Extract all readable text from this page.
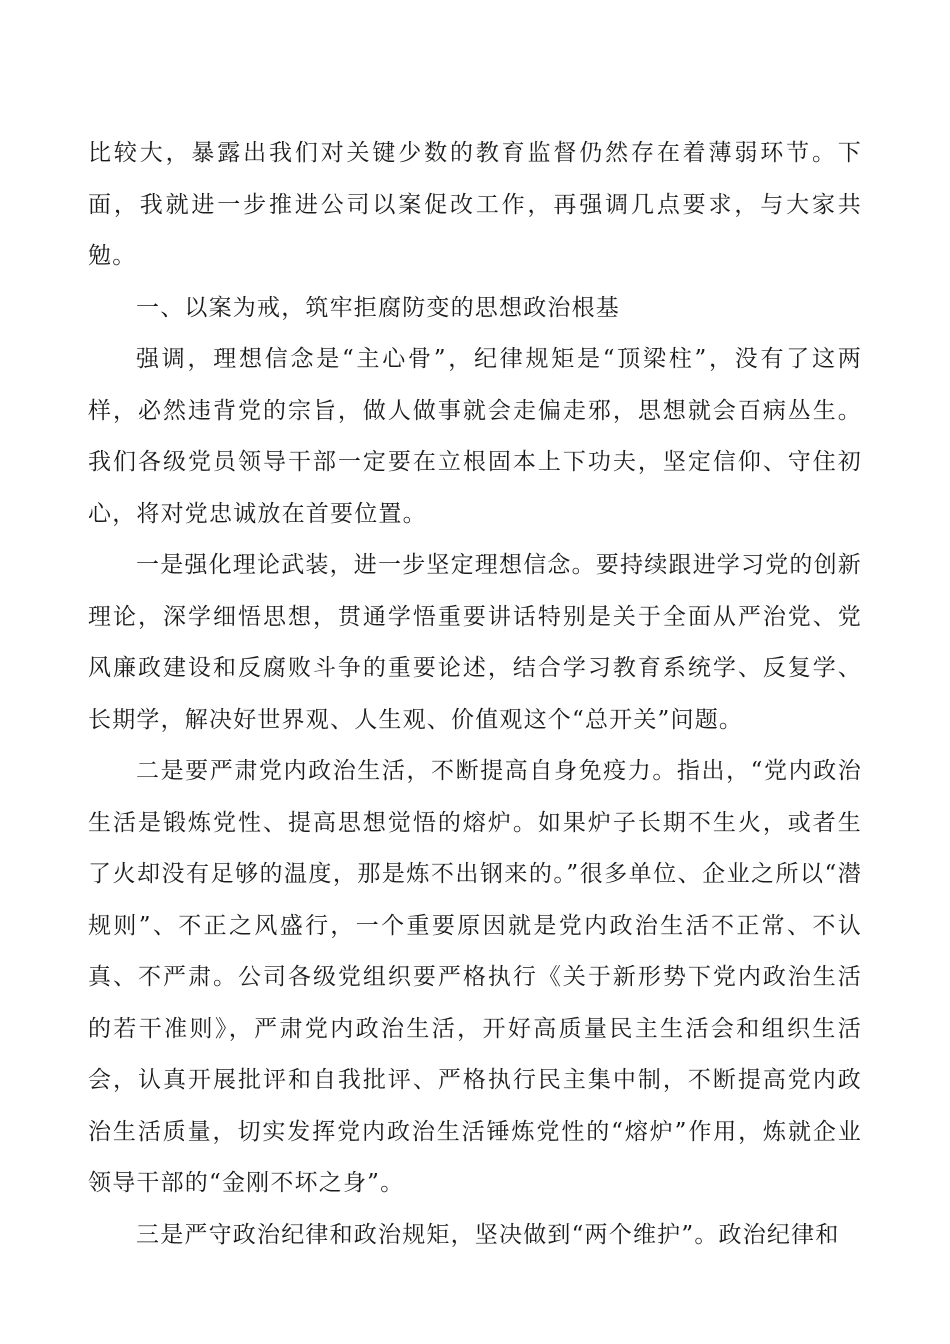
比较大，暴露出我们对关键少数的教育监督仍然存在着薄弱环节。下面，我就进一步推进公司以案促改工作，再强调几点要求，与大家共勉。

一、以案为戒，筑牢拒腐防变的思想政治根基

强调，理想信念是“主心骨”，纪律规矩是“顶梁柱”，没有了这两样，必然违背党的宗旨，做人做事就会走偏走邪，思想就会百病丛生。我们各级党员领导干部一定要在立根固本上下功夫，坚定信仰、守住初心，将对党忠诚放在首要位置。

一是强化理论武装，进一步坚定理想信念。要持续跟进学习党的创新理论，深学细悟思想，贯通学悟重要讲话特别是关于全面从严治党、党风廉政建设和反腐败斗争的重要论述，结合学习教育系统学、反复学、长期学，解决好世界观、人生观、价值观这个“总开关”问题。

二是要严肃党内政治生活，不断提高自身免疫力。指出，“党内政治生活是锻炼党性、提高思想觉悟的熔炉。如果炉子长期不生火，或者生了火却没有足够的温度，那是炼不出钢来的。”很多单位、企业之所以“潜规则”、不正之风盛行，一个重要原因就是党内政治生活不正常、不认真、不严肃。公司各级党组织要严格执行《关于新形势下党内政治生活的若干准则》，严肃党内政治生活，开好高质量民主生活会和组织生活会，认真开展批评和自我批评、严格执行民主集中制，不断提高党内政治生活质量，切实发挥党内政治生活锤炼党性的“熔炉”作用，炼就企业领导干部的“金刚不坏之身”。

三是严守政治纪律和政治规矩，坚决做到“两个维护”。政治纪律和
